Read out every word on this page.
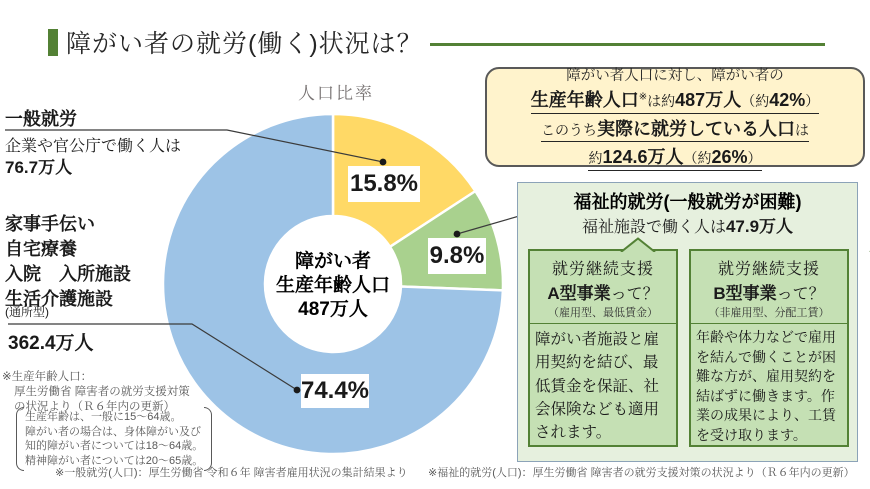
障がい者の就労(働く)状況は？
人口比率
障がい者
生産年齢人口
487万人
15.8%
9.8%
74.4%
一般就労
企業や官公庁で働く人は
76.7万人
家事手伝い
自宅療養
入院　入所施設
生活介護施設
(通所型)
362.4万人
※生産年齢人口：
厚生労働省 障害者の就労支援対策
の状況より（Ｒ６年内の更新）
生産年齢は、一般に15～64歳。
障がい者の場合は、身体障がい及び
知的障がい者については18～64歳。
精神障がい者については20～65歳。
障がい者人口に対し、障がい者の
生産年齢人口※は約487万人（約42%）
このうち実際に就労している人口は
約124.6万人（約26%）
福祉的就労(一般就労が困難)
福祉施設で働く人は47.9万人
就労継続支援
A型事業って？
（雇用型、最低賃金）
障がい者施設と雇用契約を結び、最低賃金を保証、社会保険なども適用されます。
就労継続支援
B型事業って？
（非雇用型、分配工賃）
年齢や体力などで雇用を結んで働くことが困難な方が、雇用契約を結ばずに働きます。作業の成果により、工賃を受け取ります。
※一般就労(人口)：厚生労働省 令和６年 障害者雇用状況の集計結果より ※福祉的就労(人口)：厚生労働省 障害者の就労支援対策の状況より（Ｒ６年内の更新）
